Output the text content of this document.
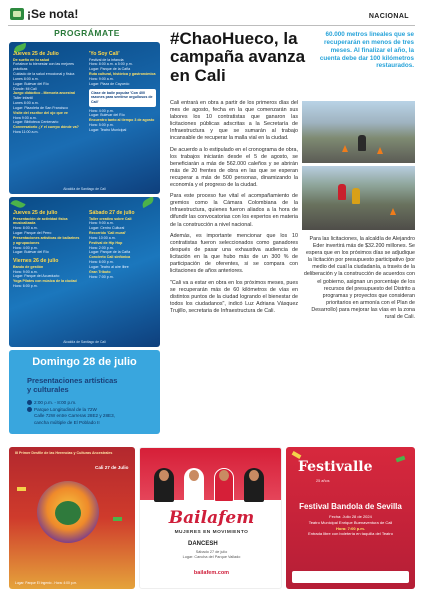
¡Se nota!	NACIONAL
PROGRÁMATE
Jueves 25 de Julio
De sueño en tu salud
Fortalece tu bienestar con las mejores prácticas
Cuidado de la salud emocional y física
Lunes 8:00 a.m.
Lugar: Bulevar del Río
Dónde: Mi Cali
Juego didáctico - Memoria ancestral
Taller infantil
Lunes 8:00 a.m.
Lugar: Plazoleta de San Francisco
Visite del escritor del ojo que ve
Hora 9:00 a.m.
Lugar: Biblioteca Centenario
Conversatorio ¿Y el cuerpo dónde va?
Hora 11:00 a.m.
'Yo Soy Cali'
Festival de la infancia
Hora: 8:00 a.m. a 5:00 p.m.
Lugar: Parque de la Caña
Ruta cultural, histórica y gastronómica
Hora: 9:00 a.m.
Lugar: Plaza de Caycedo
Clase de baile popular 'Con 400 razones para sentirse orgullosos de Cali'
Hora: 4:00 p.m.
Lugar: Bulevar del Río
Encuentro tanto al tiempo 3 de agosto
Hora: 5:00 p.m.
Lugar: Teatro Municipal
Alcaldía de Santiago de Cali
Jueves 25 de julio
Presentación de actividad física musicalizada
Hora: 8:00 a.m.
Lugar: Parque del Perro
Presentaciones artísticas de bailarines y agrupaciones
Hora: 4:00 p.m.
Lugar: Bulevar del Río
Viernes 26 de julio
Bando de gestión
Hora: 9:00 a.m.
Lugar: Parque del Acueducto
Yoga Pilates con música de la ciudad
Hora: 6:00 p.m.
Sábado 27 de julio
Taller creativo sobre Cali
Hora: 9:00 a.m.
Lugar: Centro Cultural
Recorrido 'Cali mural'
Hora: 10:00 a.m.
Festival de Hip Hop
Hora: 2:00 p.m.
Lugar: Parque de la Caña
Concierto Cali sinfónica
Hora: 6:00 p.m.
Lugar: Teatro al aire libre
Gran Tributo
Hora: 7:00 p.m.
Alcaldía de Santiago de Cali
Domingo 28 de julio
Presentaciones artísticas
y culturales
2:00 p.m. - 8:00 p.m.
Parque Longitudinal de la 72W
Calle 72W entre Carreras 28E2 y 28E3,
cancha múltiple de El Poblado II
#ChaoHueco, la campaña avanza en Cali

Cali entrará en obra a partir de los primeros días del mes de agosto, fecha en la que comenzarán sus labores los 10 contratistas que ganaron las licitaciones públicas adscritas a la Secretaría de Infraestructura y que se sumarán al trabajo incansable de recuperar la malla vial en la ciudad.

De acuerdo a lo estipulado en el cronograma de obra, los trabajos iniciarán desde el 5 de agosto, se beneficiarán a más de 562.000 caleños y se abrirán más de 20 frentes de obra en las que se esperan recuperar a más de 500 personas, dinamizando la economía y el progreso de la ciudad.

Para este proceso fue vital el acompañamiento de gremios como la Cámara Colombiana de la Infraestructura, quienes fueron aliados a la hora de difundir las convocatorias con los expertos en materia de la construcción a nivel nacional.

Además, es importante mencionar que los 10 contratistas fueron seleccionados como ganadores después de pasar una exhaustiva audiencia de licitación en la que hubo más de un 300 % de participación de oferentes, si se compara con licitaciones de años anteriores.

"Cali va a estar en obra en los próximos meses, pues se recuperarán más de 60 kilómetros de vías en distintos puntos de la ciudad logrando el bienestar de todos los ciudadanos", indicó Luz Adriana Vásquez Trujillo, secretaria de Infraestructura de Cali.

60.000 metros lineales que se recuperarán en menos de tres meses. Al finalizar el año, la cuenta debe dar 100 kilómetros restaurados.
Para las licitaciones, la alcaldía de Alejandro Eder invertirá más de $32.200 millones. Se espera que en los próximos días se adjudique la licitación por presupuesto participativo (por medio del cual la ciudadanía, a través de la deliberación y la construcción de acuerdos con el gobierno, asignan un porcentaje de los recursos del presupuesto del Distrito a programas y proyectos que consideran prioritarios en armonía con el Plan de Desarrollo) para mejorar las vías en la zona rural de Cali.
III Primer Desfile de las Herencias y Culturas Ancestrales
Cali 27 de Julio
Lugar: Parque El Ingenio - Hora: 4:00 p.m.
Bailafem
MUJERES EN MOVIMIENTO
DANCESH
Sábado 27 de julio
Lugar: Cancha del Parque Vallado
bailafem.com
Festivalle
25 años
Festival Bandola de Sevilla
Fecha: Julio 28 de 2024
Teatro Municipal Enrique Buenaventura de Cali
Hora: 7:00 p.m.
Entrada libre con boletería en taquilla del Teatro
